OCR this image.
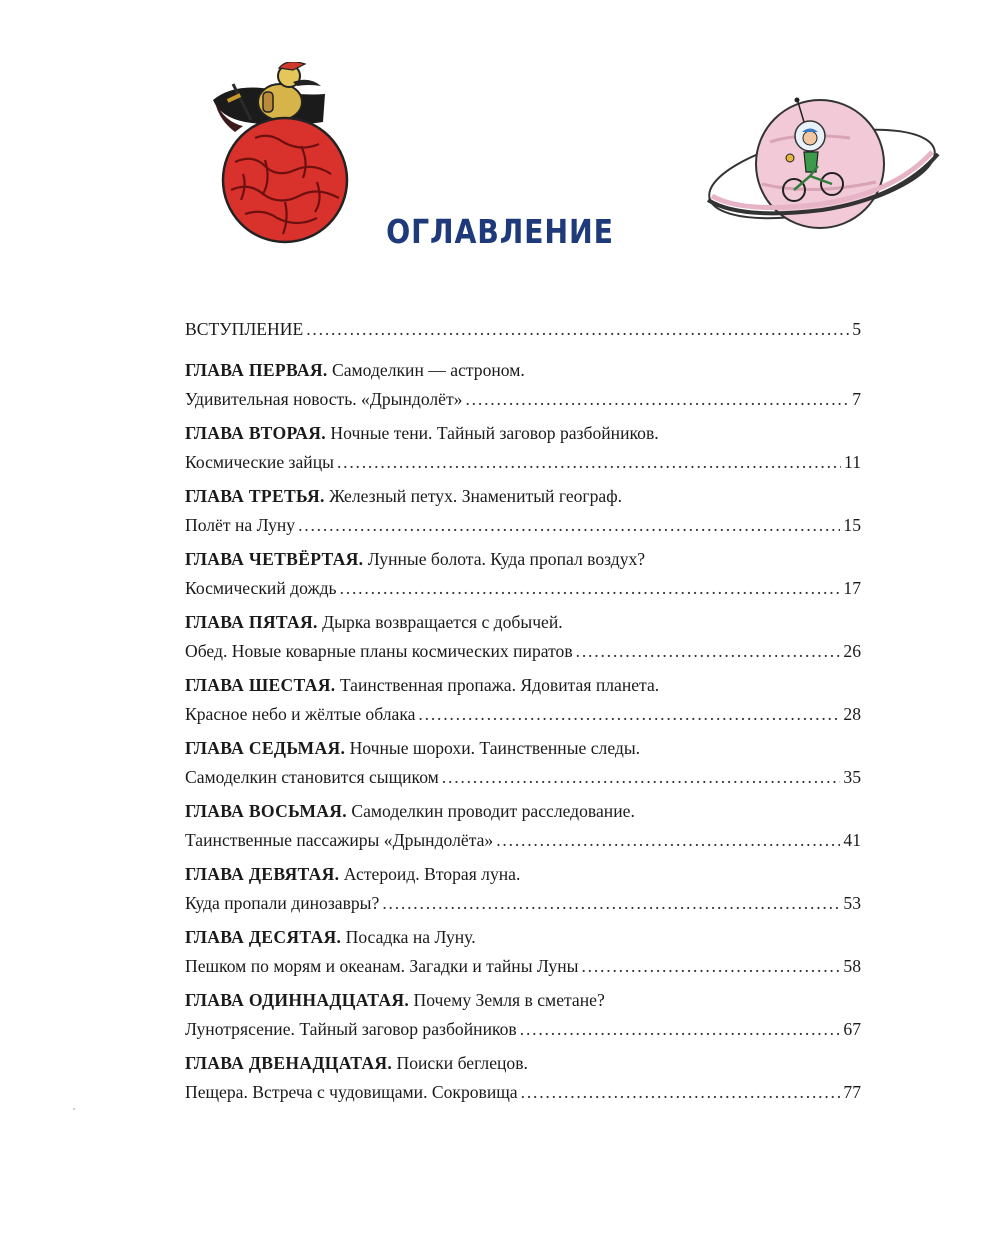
ОГЛАВЛЕНИЕ
ВСТУПЛЕНИЕ .....	5
ГЛАВА ПЕРВАЯ. Самоделкин — астроном.
Удивительная новость. «Дрындолёт» .....	7
ГЛАВА ВТОРАЯ. Ночные тени. Тайный заговор разбойников.
Космические зайцы .....	11
ГЛАВА ТРЕТЬЯ. Железный петух. Знаменитый географ.
Полёт на Луну .....	15
ГЛАВА ЧЕТВЁРТАЯ. Лунные болота. Куда пропал воздух?
Космический дождь .....	17
ГЛАВА ПЯТАЯ. Дырка возвращается с добычей.
Обед. Новые коварные планы космических пиратов .....	26
ГЛАВА ШЕСТАЯ. Таинственная пропажа. Ядовитая планета.
Красное небо и жёлтые облака .....	28
ГЛАВА СЕДЬМАЯ. Ночные шорохи. Таинственные следы.
Самоделкин становится сыщиком .....	35
ГЛАВА ВОСЬМАЯ. Самоделкин проводит расследование.
Таинственные пассажиры «Дрындолёта» .....	41
ГЛАВА ДЕВЯТАЯ. Астероид. Вторая луна.
Куда пропали динозавры? .....	53
ГЛАВА ДЕСЯТАЯ. Посадка на Луну.
Пешком по морям и океанам. Загадки и тайны Луны .....	58
ГЛАВА ОДИННАДЦАТАЯ. Почему Земля в сметане?
Лунотрясение. Тайный заговор разбойников .....	67
ГЛАВА ДВЕНАДЦАТАЯ. Поиски беглецов.
Пещера. Встреча с чудовищами. Сокровища .....	77
